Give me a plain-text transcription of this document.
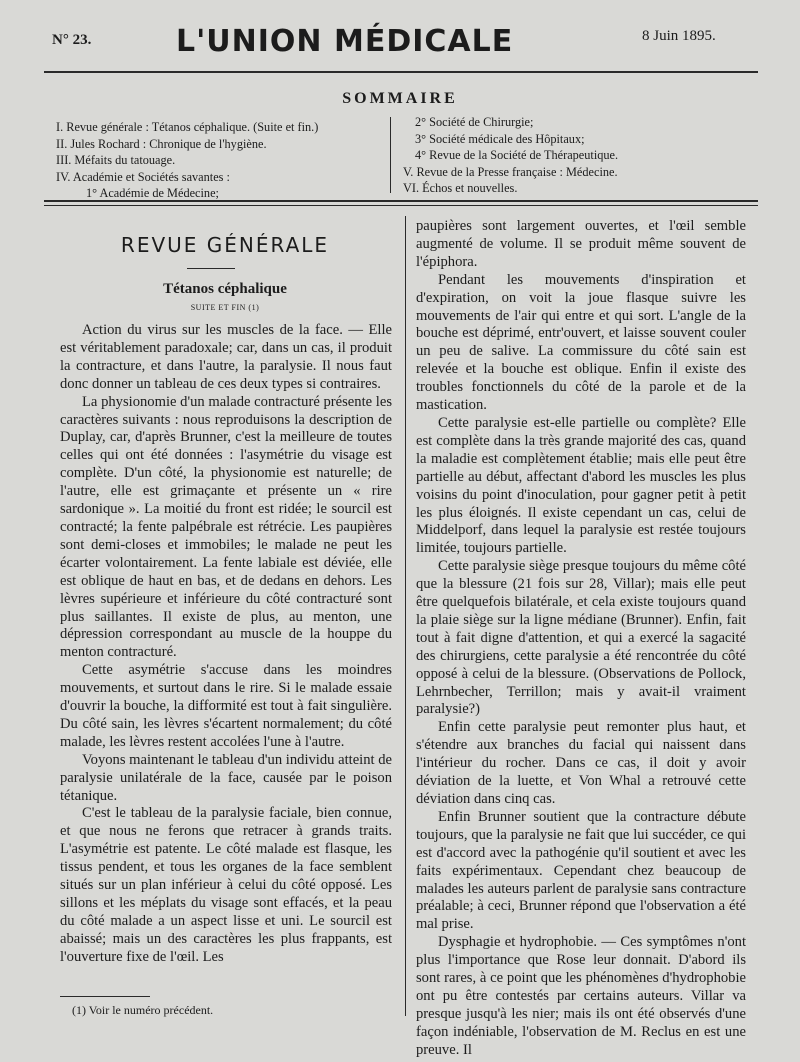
N° 23.	L'UNION MÉDICALE	8 Juin 1895.
SOMMAIRE
I. Revue générale : Tétanos céphalique. (Suite et fin.)
II. Jules Rochard : Chronique de l'hygiène.
III. Méfaits du tatouage.
IV. Académie et Sociétés savantes :
1° Académie de Médecine;
2° Société de Chirurgie;
3° Société médicale des Hôpitaux;
4° Revue de la Société de Thérapeutique.
V. Revue de la Presse française : Médecine.
VI. Échos et nouvelles.
REVUE GÉNÉRALE
Tétanos céphalique
SUITE ET FIN (1)

Action du virus sur les muscles de la face. — Elle est véritablement paradoxale; car, dans un cas, il produit la contracture, et dans l'autre, la paralysie. Il nous faut donc donner un tableau de ces deux types si contraires.

La physionomie d'un malade contracturé présente les caractères suivants : nous reproduisons la description de Duplay, car, d'après Brunner, c'est la meilleure de toutes celles qui ont été données : l'asymétrie du visage est complète. D'un côté, la physionomie est naturelle; de l'autre, elle est grimaçante et présente un « rire sardonique ». La moitié du front est ridée; le sourcil est contracté; la fente palpébrale est rétrécie. Les paupières sont demi-closes et immobiles; le malade ne peut les écarter volontairement. La fente labiale est déviée, elle est oblique de haut en bas, et de dedans en dehors. Les lèvres supérieure et inférieure du côté contracturé sont plus saillantes. Il existe de plus, au menton, une dépression correspondant au muscle de la houppe du menton contracturé.

Cette asymétrie s'accuse dans les moindres mouvements, et surtout dans le rire. Si le malade essaie d'ouvrir la bouche, la difformité est tout à fait singulière. Du côté sain, les lèvres s'écartent normalement; du côté malade, les lèvres restent accolées l'une à l'autre.

Voyons maintenant le tableau d'un individu atteint de paralysie unilatérale de la face, causée par le poison tétanique.

C'est le tableau de la paralysie faciale, bien connue, et que nous ne ferons que retracer à grands traits. L'asymétrie est patente. Le côté malade est flasque, les tissus pendent, et tous les organes de la face semblent situés sur un plan inférieur à celui du côté opposé. Les sillons et les méplats du visage sont effacés, et la peau du côté malade a un aspect lisse et uni. Le sourcil est abaissé; mais un des caractères les plus frappants, est l'ouverture fixe de l'œil. Les

paupières sont largement ouvertes, et l'œil semble augmenté de volume. Il se produit même souvent de l'épiphora.

Pendant les mouvements d'inspiration et d'expiration, on voit la joue flasque suivre les mouvements de l'air qui entre et qui sort. L'angle de la bouche est déprimé, entr'ouvert, et laisse souvent couler un peu de salive. La commissure du côté sain est relevée et la bouche est oblique. Enfin il existe des troubles fonctionnels du côté de la parole et de la mastication.

Cette paralysie est-elle partielle ou complète? Elle est complète dans la très grande majorité des cas, quand la maladie est complètement établie; mais elle peut être partielle au début, affectant d'abord les muscles les plus voisins du point d'inoculation, pour gagner petit à petit les plus éloignés. Il existe cependant un cas, celui de Middelporf, dans lequel la paralysie est restée toujours limitée, toujours partielle.

Cette paralysie siège presque toujours du même côté que la blessure (21 fois sur 28, Villar); mais elle peut être quelquefois bilatérale, et cela existe toujours quand la plaie siège sur la ligne médiane (Brunner). Enfin, fait tout à fait digne d'attention, et qui a exercé la sagacité des chirurgiens, cette paralysie a été rencontrée du côté opposé à celui de la blessure. (Observations de Pollock, Lehrnbecher, Terrillon; mais y avait-il vraiment paralysie?)

Enfin cette paralysie peut remonter plus haut, et s'étendre aux branches du facial qui naissent dans l'intérieur du rocher. Dans ce cas, il doit y avoir déviation de la luette, et Von Whal a retrouvé cette déviation dans cinq cas.

Enfin Brunner soutient que la contracture débute toujours, que la paralysie ne fait que lui succéder, ce qui est d'accord avec la pathogénie qu'il soutient et avec les faits expérimentaux. Cependant chez beaucoup de malades les auteurs parlent de paralysie sans contracture préalable; à ceci, Brunner répond que l'observation a été mal prise.

Dysphagie et hydrophobie. — Ces symptômes n'ont plus l'importance que Rose leur donnait. D'abord ils sont rares, à ce point que les phénomènes d'hydrophobie ont pu être contestés par certains auteurs. Villar va presque jusqu'à les nier; mais ils ont été observés d'une façon indéniable, l'observation de M. Reclus en est une preuve. Il

(1) Voir le numéro précédent.
